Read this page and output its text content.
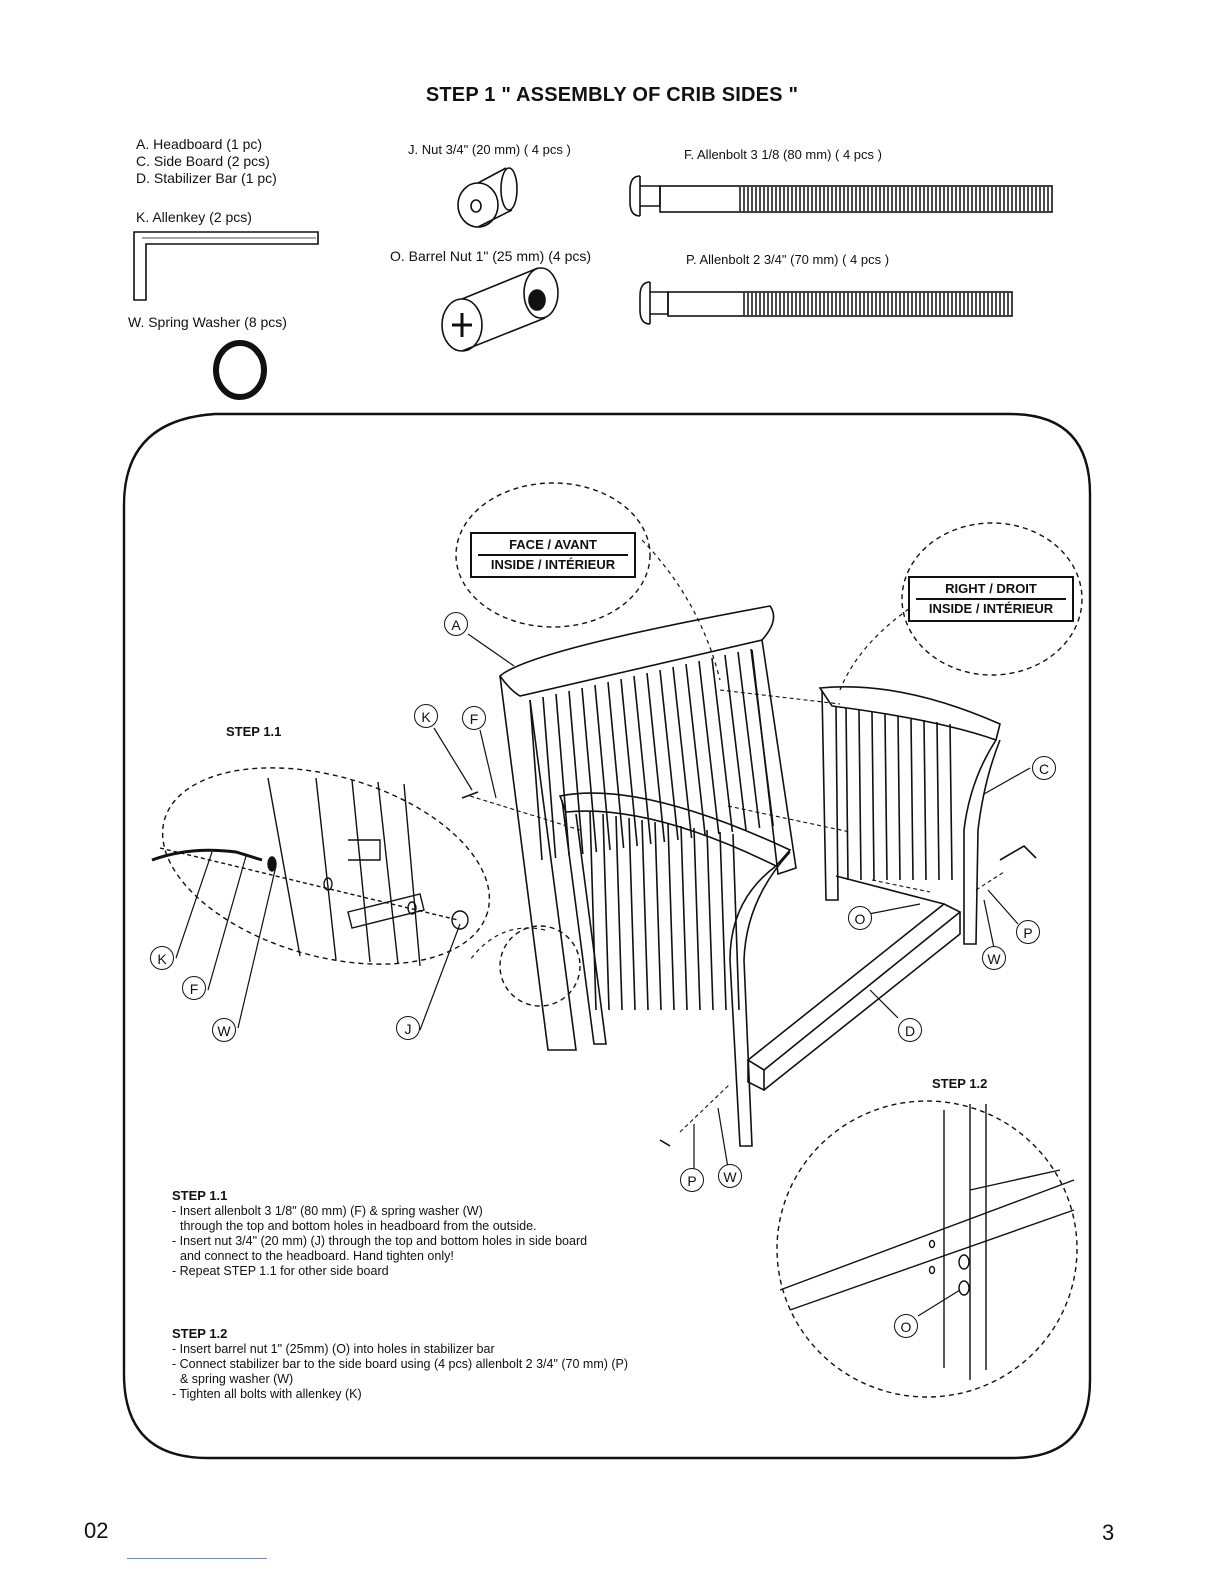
STEP 1 " ASSEMBLY OF CRIB SIDES "
A. Headboard (1 pc)
C. Side Board (2 pcs)
D. Stabilizer Bar (1 pc)
K. Allenkey (2 pcs)
W. Spring Washer (8 pcs)
J. Nut 3/4" (20 mm) ( 4 pcs )
O. Barrel Nut 1" (25 mm) (4 pcs)
F. Allenbolt 3 1/8 (80 mm) ( 4 pcs )
P. Allenbolt 2 3/4" (70 mm) ( 4 pcs )
FACE / AVANT
INSIDE / INTÉRIEUR
RIGHT / DROIT
INSIDE / INTÉRIEUR
STEP 1.1
STEP 1.2
A
K	F
C
O
P
W
D
P	W
K
F
W	J
O
STEP 1.1
- Insert allenbolt 3 1/8" (80 mm) (F) & spring washer (W)
through the top and bottom holes in headboard from the outside.
- Insert nut 3/4" (20 mm) (J) through the top and bottom holes in side board
and connect to the headboard. Hand tighten only!
- Repeat STEP 1.1 for other side board
STEP 1.2
- Insert barrel nut 1" (25mm) (O) into holes in stabilizer bar
- Connect stabilizer bar to the side board using (4 pcs) allenbolt 2 3/4" (70 mm) (P)
& spring washer (W)
- Tighten all bolts with allenkey (K)
02	3
